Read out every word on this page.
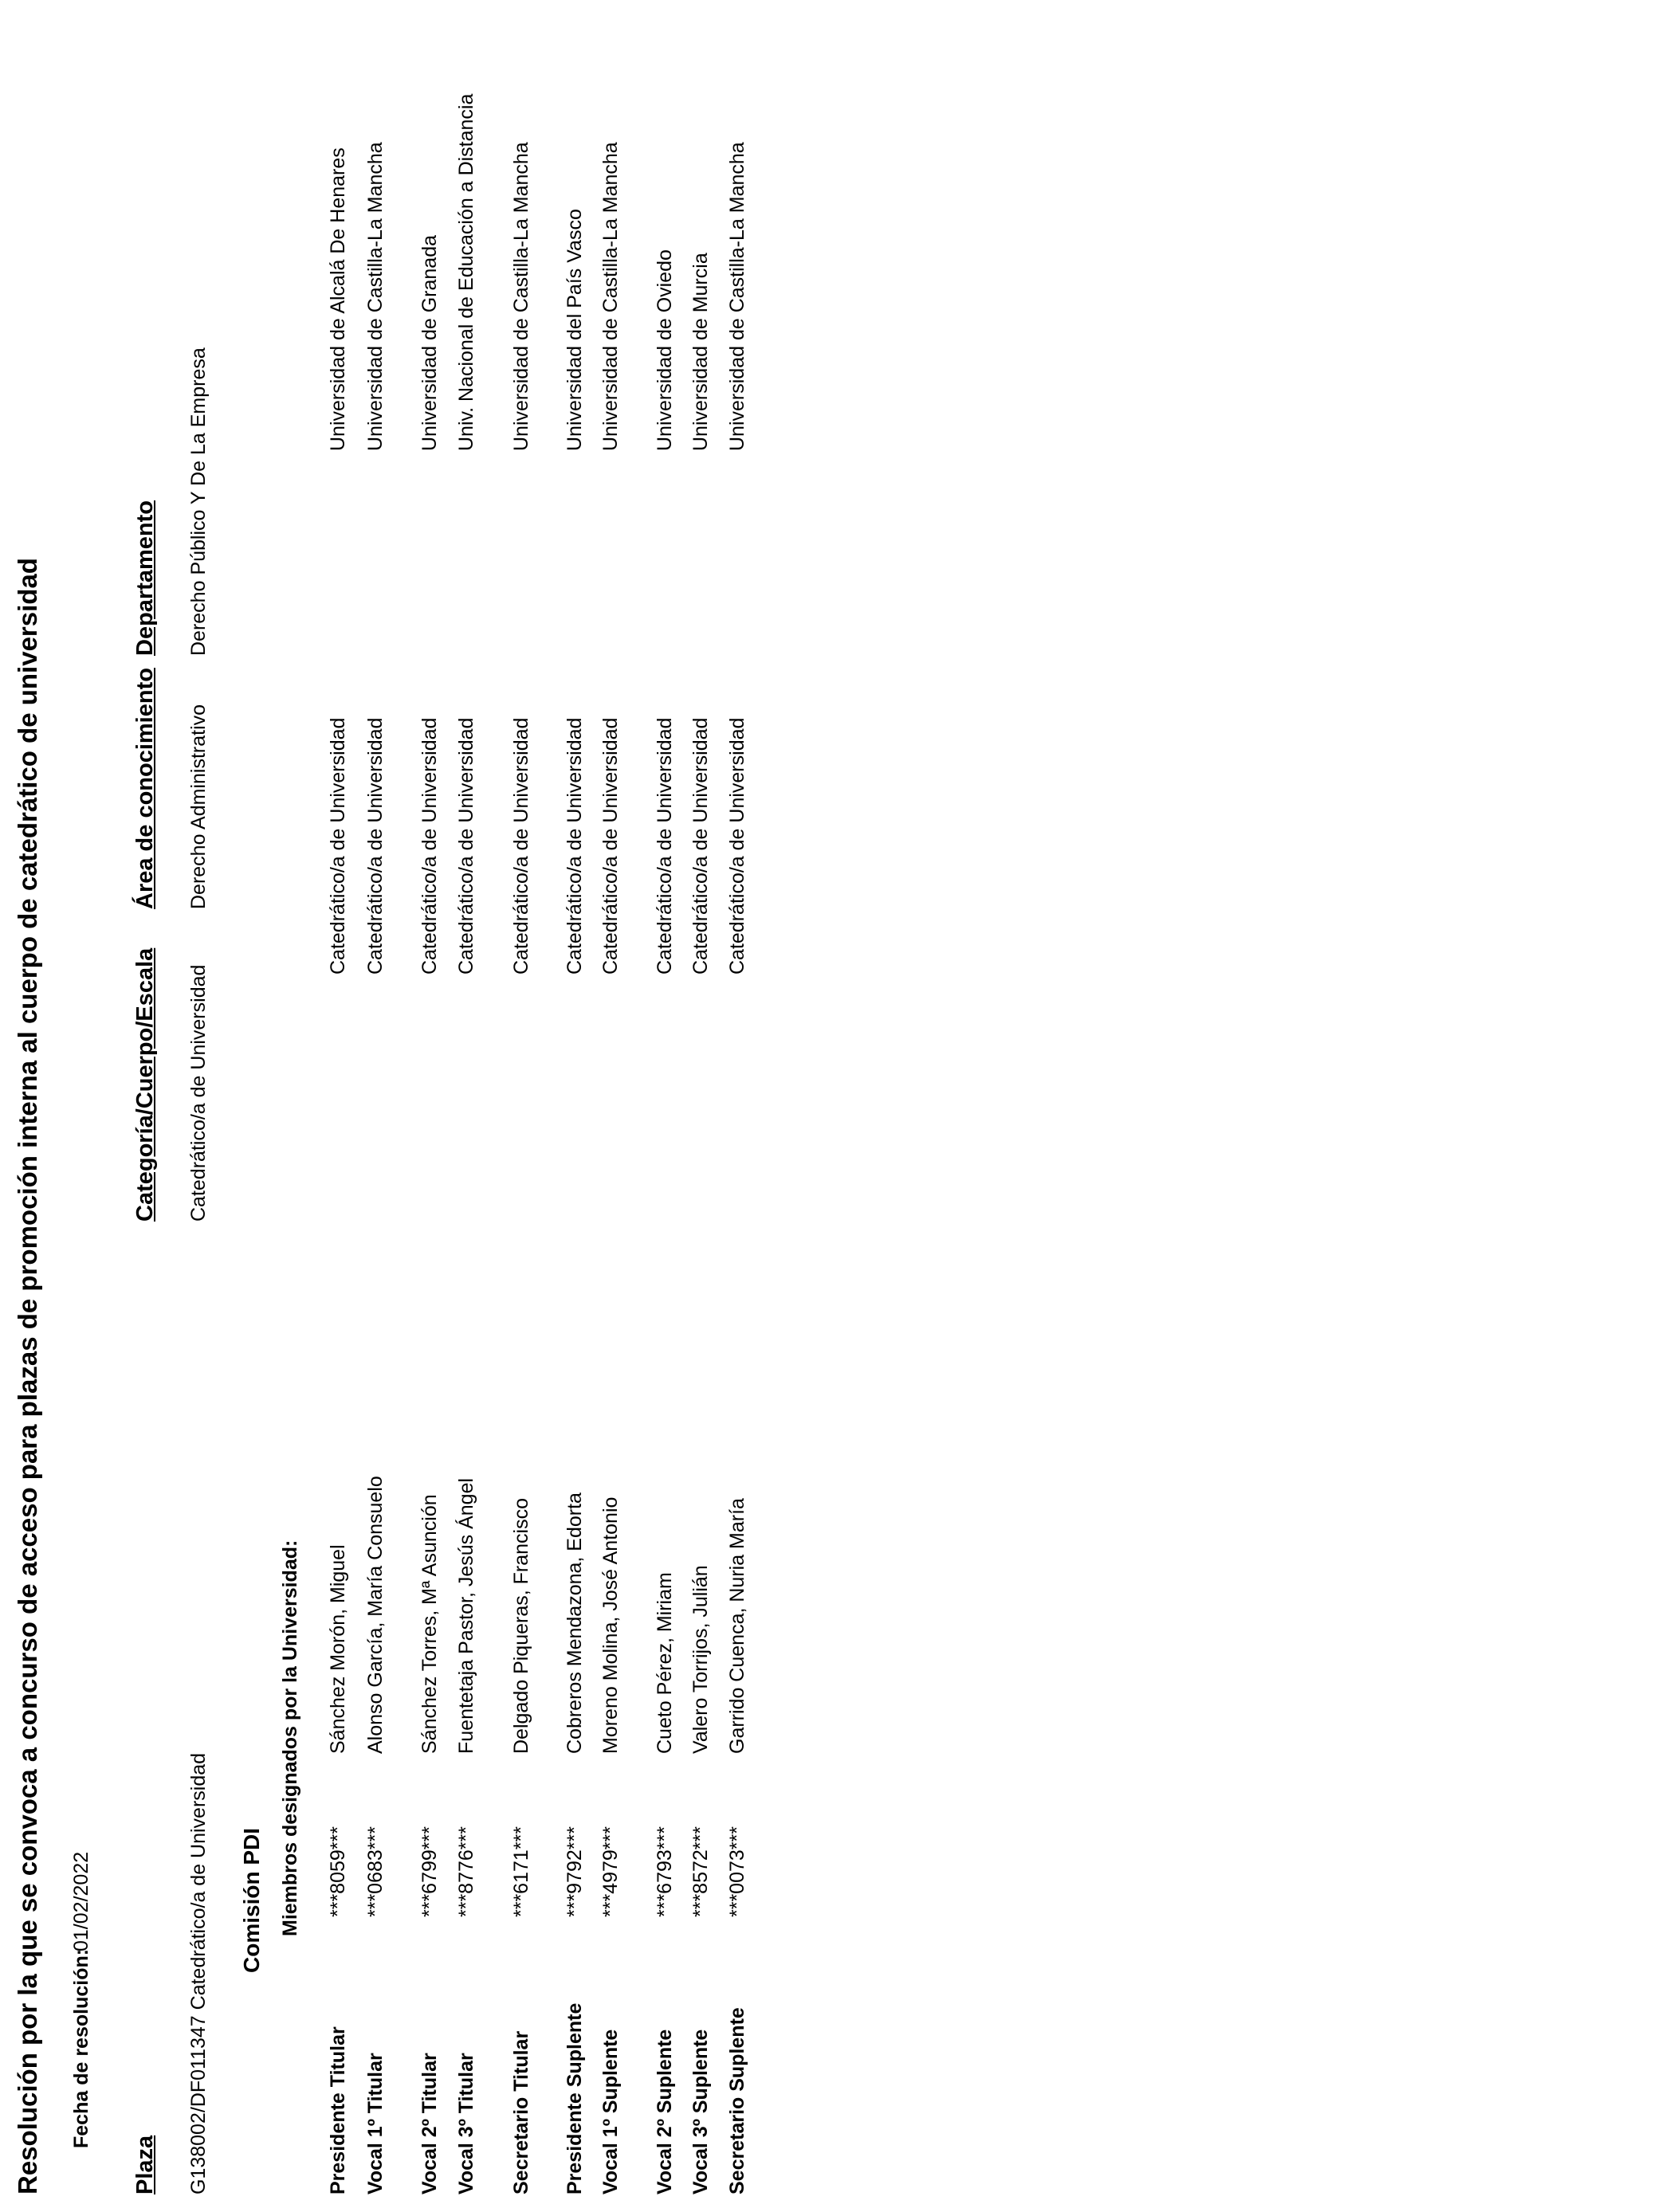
Resolución por la que se convoca a concurso de acceso para plazas de promoción interna al cuerpo de catedrático de universidad Fecha de resolución:
01/02/2022
Plaza
Categoría/Cuerpo/Escala
Área de conocimiento
Departamento
G138002/DF011347 Catedrático/a de Universidad
Catedrático/a de Universidad
Derecho Administrativo
Derecho Público Y De La Empresa
Comisión PDI Miembros designados por la Universidad:
Presidente Titular
***8059***
Sánchez Morón, Miguel
Catedrático/a de Universidad
Universidad de Alcalá De Henares
Vocal 1º Titular
***0683***
Alonso García, María Consuelo
Catedrático/a de Universidad
Universidad de Castilla-La Mancha
Vocal 2º Titular
***6799***
Sánchez Torres, Mª Asunción
Catedrático/a de Universidad
Universidad de Granada
Vocal 3º Titular
***8776***
Fuentetaja Pastor, Jesús Ángel
Catedrático/a de Universidad
Univ. Nacional de Educación a Distancia
Secretario Titular
***6171***
Delgado Piqueras, Francisco
Catedrático/a de Universidad
Universidad de Castilla-La Mancha
Presidente Suplente
***9792***
Cobreros Mendazona, Edorta
Catedrático/a de Universidad
Universidad del País Vasco
Vocal 1º Suplente
***4979***
Moreno Molina, José Antonio
Catedrático/a de Universidad
Universidad de Castilla-La Mancha
Vocal 2º Suplente
***6793***
Cueto Pérez, Miriam
Catedrático/a de Universidad
Universidad de Oviedo
Vocal 3º Suplente
***8572***
Valero Torrijos, Julián
Catedrático/a de Universidad
Universidad de Murcia
Secretario Suplente
***0073***
Garrido Cuenca, Nuria María
Catedrático/a de Universidad
Universidad de Castilla-La Mancha
